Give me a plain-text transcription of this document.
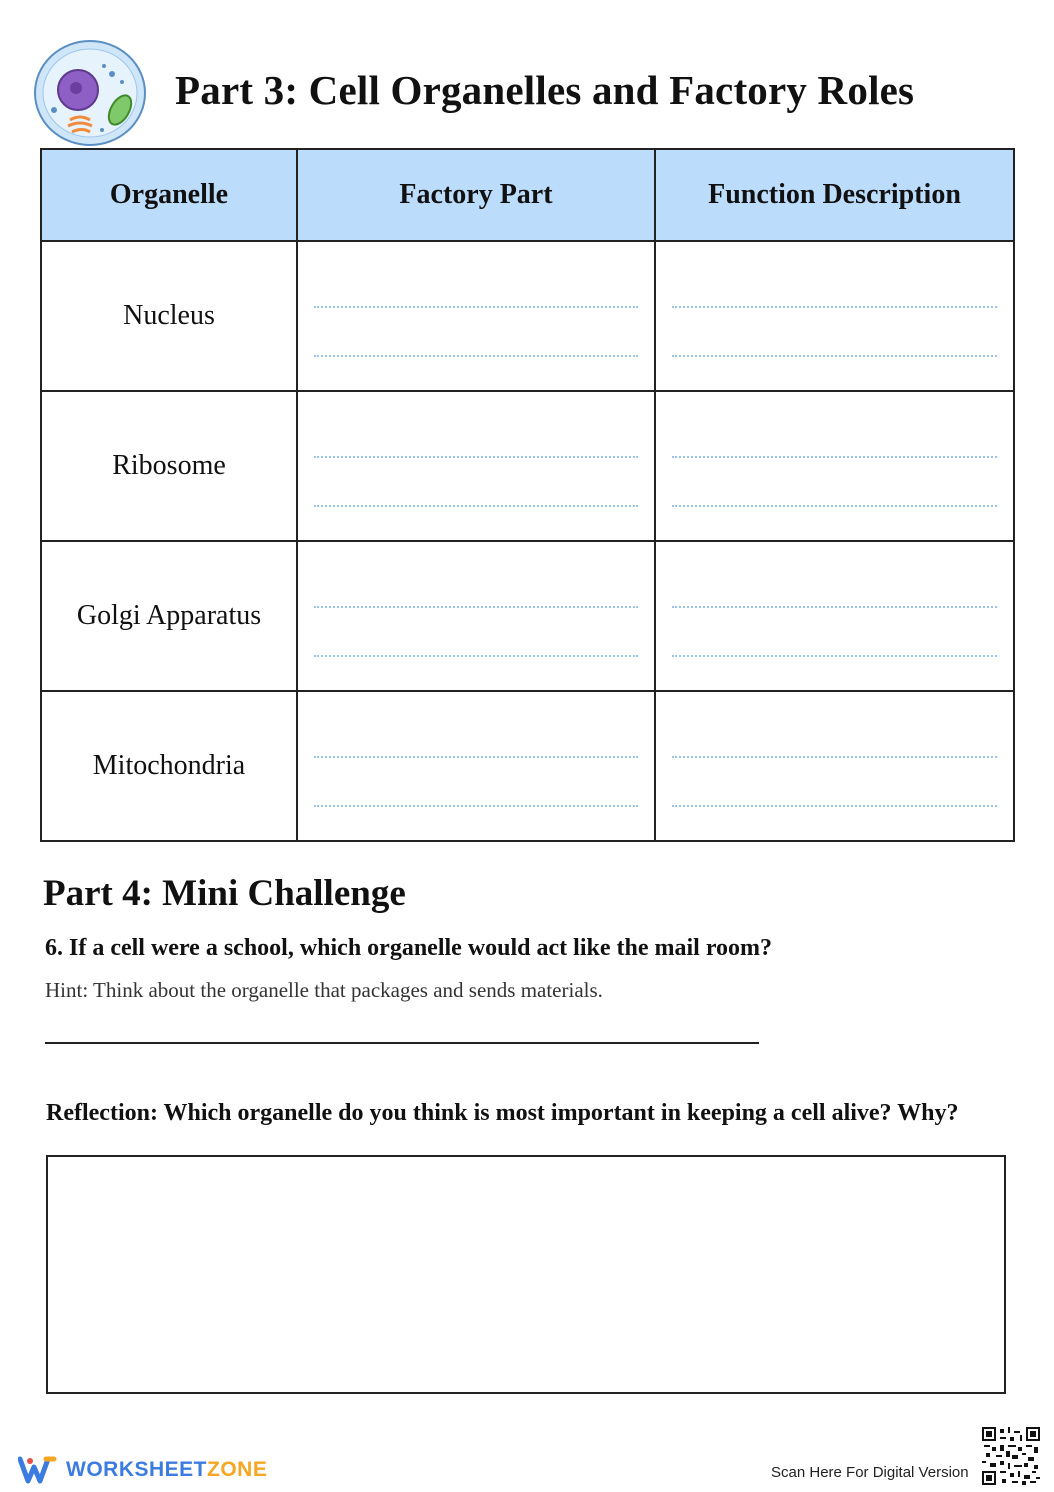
Part 3: Cell Organelles and Factory Roles
Organelle	Factory Part	Function Description
Nucleus	

Ribosome	

Golgi Apparatus	

Mitochondria	

Part 4: Mini Challenge
6. If a cell were a school, which organelle would act like the mail room?
Hint: Think about the organelle that packages and sends materials.
Reflection: Which organelle do you think is most important in keeping a cell alive? Why?
WORKSHEETZONE	Scan Here For Digital Version
